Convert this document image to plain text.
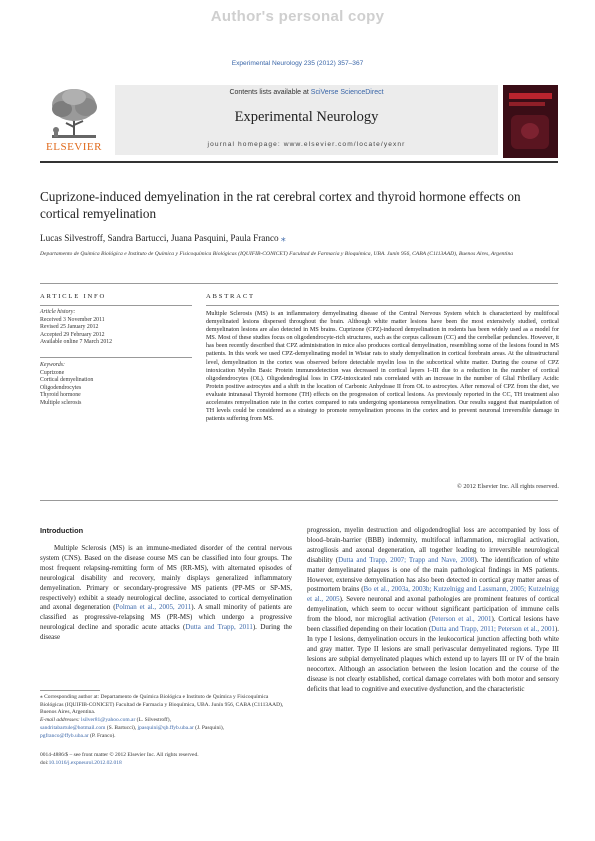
Author's personal copy
Experimental Neurology 235 (2012) 357–367
ELSEVIER
Contents lists available at SciVerse ScienceDirect
Experimental Neurology
journal homepage: www.elsevier.com/locate/yexnr
Cuprizone-induced demyelination in the rat cerebral cortex and thyroid hormone effects on cortical remyelination
Lucas Silvestroff, Sandra Bartucci, Juana Pasquini, Paula Franco ⁎
Departamento de Química Biológica e Instituto de Química y Fisicoquímica Biológicas (IQUIFIB-CONICET) Facultad de Farmacia y Bioquímica, UBA. Junín 956, CABA (C1113AAD), Buenos Aires, Argentina
ARTICLE INFO
Article history:
Received 3 November 2011
Revised 25 January 2012
Accepted 29 February 2012
Available online 7 March 2012
Keywords:
Cuprizone
Cortical demyelination
Oligodendrocytes
Thyroid hormone
Multiple sclerosis
ABSTRACT
Multiple Sclerosis (MS) is an inflammatory demyelinating disease of the Central Nervous System which is characterized by multifocal demyelinated lesions dispersed throughout the brain. Although white matter lesions have been the most extensively studied, cortical demyelinaton lesions are also detected in MS brains. Cuprizone (CPZ)-induced demyelination in rodents has been widely used as a model for MS. Most of these studies focus on oligodendrocyte-rich structures, such as the corpus callosum (CC) and the cerebellar peduncles. However, it has been recently described that CPZ administration in mice also produces cortical demyelination, resembling some of the lesions found in MS patients. In this work we used CPZ-demyelinating model in Wistar rats to study demyelination in cortical forebrain areas. At the ultrastructural level, demyelination in the cortex was observed before detectable myelin loss in the subcortical white matter. During the course of CPZ intoxication Myelin Basic Protein immunodetection was decreased in cortical layers I–III due to a reduction in the number of cortical oligodendrocytes (OL). Oligodendroglial loss in CPZ-intoxicated rats correlated with an increase in the number of Glial Fibrillary Acidic Protein positive astrocytes and a shift in the location of Carbonic Anhydrase II from OL to astrocytes. After removal of CPZ from the diet, we evaluate intranasal Thyroid hormone (TH) effects on the progression of cortical lesions. As previously reported in the CC, TH treatment also accelerates remyelination rate in the cortex compared to rats undergoing spontaneous remyelination. Our results suggest that manipulation of TH levels could be considered as a strategy to promote remyelination process in the cortex and to prevent neuronal irreversible damage in patients suffering from MS.
© 2012 Elsevier Inc. All rights reserved.
Introduction
Multiple Sclerosis (MS) is an immune-mediated disorder of the central nervous system (CNS). Based on the disease course MS can be classified into four groups. The most frequent relapsing-remitting form of MS (RR-MS), with alternated episodes of neurological disability and recovery, mainly displays generalized inflammatory demyelination. Primary or secondary-progressive MS patients (PP-MS or SP-MS, respectively) exhibit a steady neurological decline, associated to cortical demyelination and axonal degeneration (Polman et al., 2005, 2011). A small minority of patients are classified as progressive-relapsing MS (PR-MS) which undergo a progressive neurological decline and sporadic acute attacks (Dutta and Trapp, 2011). During the disease
⁎ Corresponding author at: Departamento de Química Biológica e Instituto de Química y Fisicoquímica Biológicas (IQUIFIB-CONICET) Facultad de Farmacia y Bioquímica, UBA. Junín 956, CABA (C1113AAD), Buenos Aires, Argentina.
E-mail addresses: lsilver81@yahoo.com.ar (L. Silvestroff),
sandritabartule@hotmail.com (S. Bartucci), jpasquini@qb.ffyb.uba.ar (J. Pasquini),
pgfranco@ffyb.uba.ar (P. Franco).
0014-4886/$ – see front matter © 2012 Elsevier Inc. All rights reserved.
doi:10.1016/j.expneurol.2012.02.018
progression, myelin destruction and oligodendroglial loss are accompanied by loss of blood–brain-barrier (BBB) indemnity, multifocal inflammation, microglial activation, astrogliosis and axonal degeneration, all together leading to irreversible neurological disability (Dutta and Trapp, 2007; Trapp and Nave, 2008). The identification of white matter demyelinated plaques is one of the main pathological findings in MS patients. However, extensive demyelination has also been detected in cortical gray matter areas of postmortem brains (Bo et al., 2003a, 2003b; Kutzelnigg and Lassmann, 2005; Kutzelnigg et al., 2005). Severe neuronal and axonal pathologies are prominent features of cortical demyelination, which seem to occur without significant participation of immune cells from the blood, nor microglial activation (Peterson et al., 2001). Cortical lesions have been classified depending on their location (Dutta and Trapp, 2011; Peterson et al., 2001). In type I lesions, demyelination occurs in the leukocortical junction affecting both white and gray matter. Type II lesions are small perivascular demyelinated regions. Type III lesions are subpial demyelinated plaques which extend up to layers III or IV of the brain neocortex. Although an association between the lesion location and the course of the disease is not clearly established, cortical damage correlates with both motor and sensory deficits that lead to cognitive and executive dysfunction, and the characteristic
